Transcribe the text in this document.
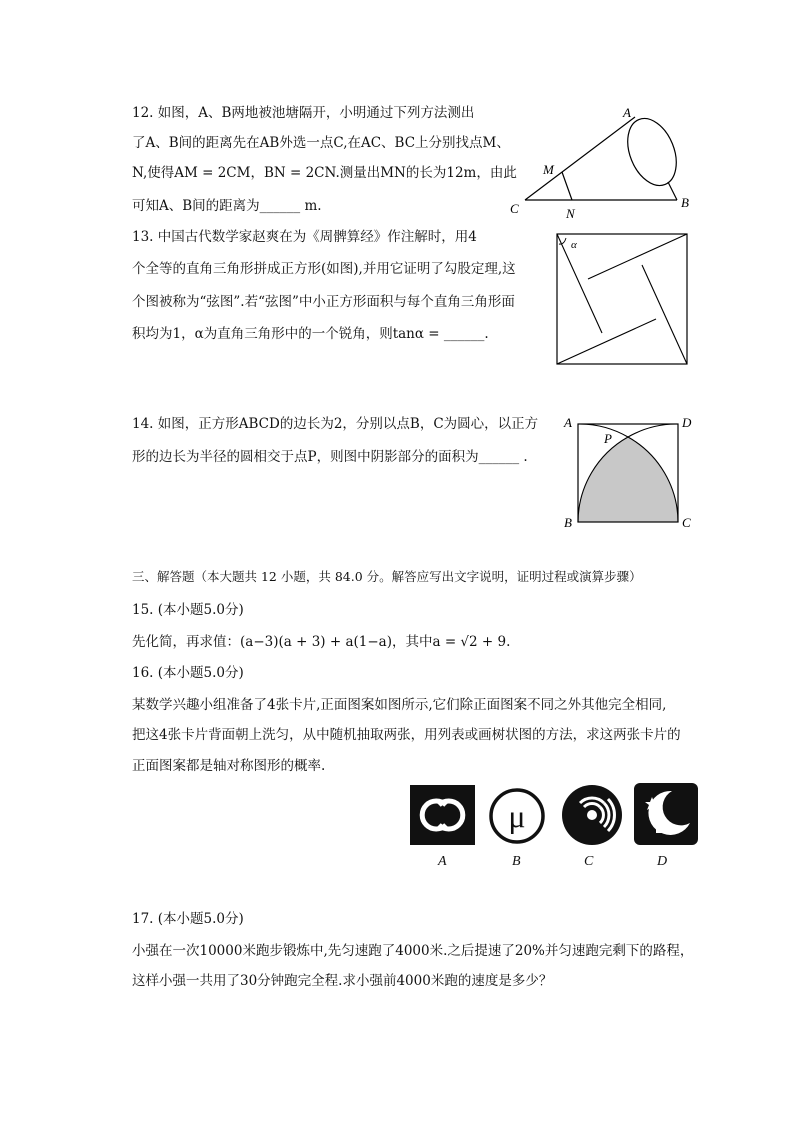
12. 如图，A、B两地被池塘隔开，小明通过下列方法测出
了A、B间的距离先在AB外选一点C,在AC、BC上分别找点M、
N,使得AM = 2CM，BN = 2CN.测量出MN的长为12m，由此
可知A、B间的距离为______ m.
A
B
C
M
N
13. 中国古代数学家赵爽在为《周髀算经》作注解时，用4
个全等的直角三角形拼成正方形(如图),并用它证明了勾股定理,这
个图被称为“弦图”.若“弦图”中小正方形面积与每个直角三角形面
积均为1，α为直角三角形中的一个锐角，则tanα = ______.
α
14. 如图，正方形ABCD的边长为2，分别以点B，C为圆心，以正方
形的边长为半径的圆相交于点P，则图中阴影部分的面积为______ .
A	D
B	C
P
三、解答题（本大题共 12 小题，共 84.0 分。解答应写出文字说明，证明过程或演算步骤）
15. (本小题5.0分)
先化简，再求值：(a−3)(a + 3) + a(1−a)，其中a = √2 + 9.
16. (本小题5.0分)
某数学兴趣小组准备了4张卡片,正面图案如图所示,它们除正面图案不同之外其他完全相同,
把这4张卡片背面朝上洗匀，从中随机抽取两张，用列表或画树状图的方法，求这两张卡片的
正面图案都是轴对称图形的概率.
A
μ
B	C	D
17. (本小题5.0分)
小强在一次10000米跑步锻炼中,先匀速跑了4000米.之后提速了20%并匀速跑完剩下的路程，
这样小强一共用了30分钟跑完全程.求小强前4000米跑的速度是多少？
